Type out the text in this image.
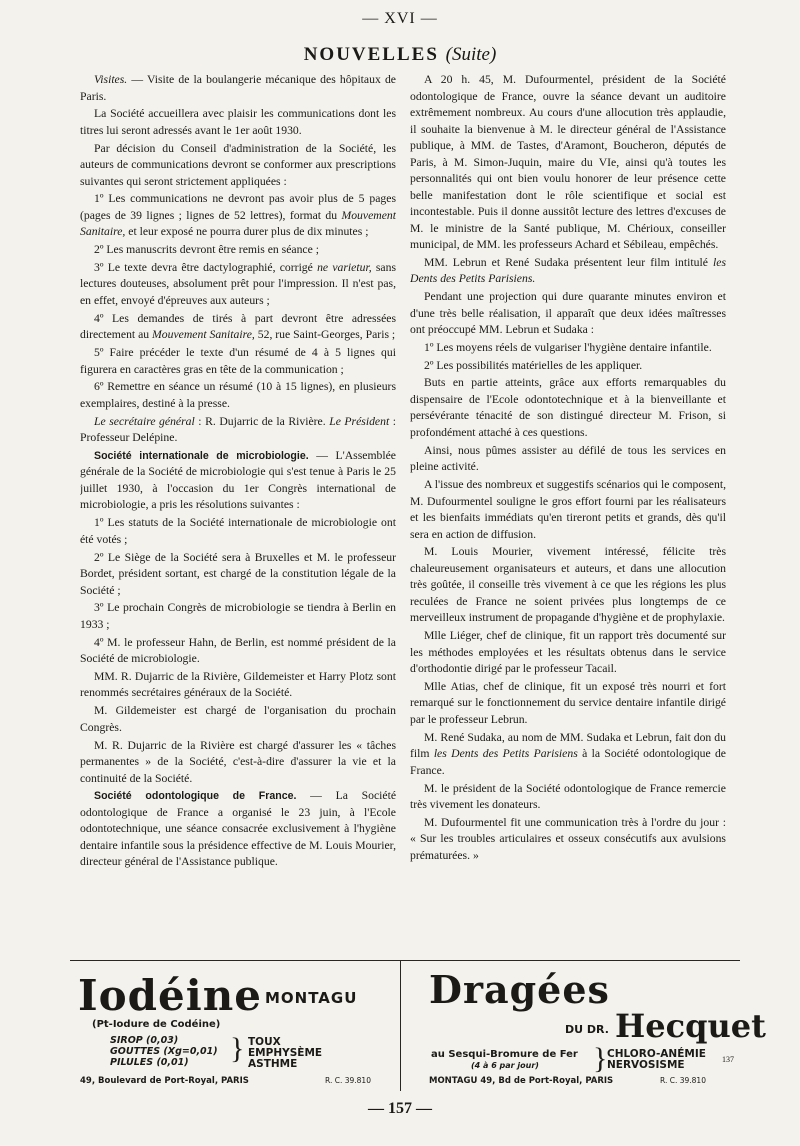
— XVI —
NOUVELLES (Suite)

Visites. — Visite de la boulangerie mécanique des hôpitaux de Paris.

La Société accueillera avec plaisir les communications dont les titres lui seront adressés avant le 1er août 1930.

Par décision du Conseil d'administration de la Société, les auteurs de communications devront se conformer aux prescriptions suivantes qui seront strictement appliquées :

1º Les communications ne devront pas avoir plus de 5 pages (pages de 39 lignes ; lignes de 52 lettres), format du Mouvement Sanitaire, et leur exposé ne pourra durer plus de dix minutes ;

2º Les manuscrits devront être remis en séance ;

3º Le texte devra être dactylographié, corrigé ne varietur, sans lectures douteuses, absolument prêt pour l'impression. Il n'est pas, en effet, envoyé d'épreuves aux auteurs ;

4º Les demandes de tirés à part devront être adressées directement au Mouvement Sanitaire, 52, rue Saint-Georges, Paris ;

5º Faire précéder le texte d'un résumé de 4 à 5 lignes qui figurera en caractères gras en tête de la communication ;

6º Remettre en séance un résumé (10 à 15 lignes), en plusieurs exemplaires, destiné à la presse.

Le secrétaire général : R. Dujarric de la Rivière. Le Président : Professeur Delépine.

Société internationale de microbiologie. — L'Assemblée générale de la Société de microbiologie qui s'est tenue à Paris le 25 juillet 1930, à l'occasion du 1er Congrès international de microbiologie, a pris les résolutions suivantes :

1º Les statuts de la Société internationale de microbiologie ont été votés ;

2º Le Siège de la Société sera à Bruxelles et M. le professeur Bordet, président sortant, est chargé de la constitution légale de la Société ;

3º Le prochain Congrès de microbiologie se tiendra à Berlin en 1933 ;

4º M. le professeur Hahn, de Berlin, est nommé président de la Société de microbiologie.

MM. R. Dujarric de la Rivière, Gildemeister et Harry Plotz sont renommés secrétaires généraux de la Société.

M. Gildemeister est chargé de l'organisation du prochain Congrès.

M. R. Dujarric de la Rivière est chargé d'assurer les « tâches permanentes » de la Société, c'est-à-dire d'assurer la vie et la continuité de la Société.

Société odontologique de France. — La Société odontologique de France a organisé le 23 juin, à l'Ecole odontotechnique, une séance consacrée exclusivement à l'hygiène dentaire infantile sous la présidence effective de M. Louis Mourier, directeur général de l'Assistance publique.

A 20 h. 45, M. Dufourmentel, président de la Société odontologique de France, ouvre la séance devant un auditoire extrêmement nombreux. Au cours d'une allocution très applaudie, il souhaite la bienvenue à M. le directeur général de l'Assistance publique, à MM. de Tastes, d'Aramont, Boucheron, députés de Paris, à M. Simon-Juquin, maire du VIe, ainsi qu'à toutes les personnalités qui ont bien voulu honorer de leur présence cette belle manifestation dont le rôle scientifique et social est incontestable. Puis il donne aussitôt lecture des lettres d'excuses de M. le ministre de la Santé publique, M. Chérioux, conseiller municipal, de MM. les professeurs Achard et Sébileau, empêchés.

MM. Lebrun et René Sudaka présentent leur film intitulé les Dents des Petits Parisiens.

Pendant une projection qui dure quarante minutes environ et d'une très belle réalisation, il apparaît que deux idées maîtresses ont préoccupé MM. Lebrun et Sudaka :

1º Les moyens réels de vulgariser l'hygiène dentaire infantile.

2º Les possibilités matérielles de les appliquer.

Buts en partie atteints, grâce aux efforts remarquables du dispensaire de l'Ecole odontotechnique et à la bienveillante et persévérante ténacité de son distingué directeur M. Frison, si profondément attaché à ces questions.

Ainsi, nous pûmes assister au défilé de tous les services en pleine activité.

A l'issue des nombreux et suggestifs scénarios qui le composent, M. Dufourmentel souligne le gros effort fourni par les réalisateurs et les bienfaits immédiats qu'en tireront petits et grands, dès qu'il sera en action de diffusion.

M. Louis Mourier, vivement intéressé, félicite très chaleureusement organisateurs et auteurs, et dans une allocution très goûtée, il conseille très vivement à ce que les régions les plus reculées de France ne soient privées plus longtemps de ce merveilleux instrument de propagande d'hygiène et de prophylaxie.

Mlle Liéger, chef de clinique, fit un rapport très documenté sur les méthodes employées et les résultats obtenus dans le service d'orthodontie dirigé par le professeur Tacail.

Mlle Atias, chef de clinique, fit un exposé très nourri et fort remarqué sur le fonctionnement du service dentaire infantile dirigé par le professeur Lebrun.

M. René Sudaka, au nom de MM. Sudaka et Lebrun, fait don du film les Dents des Petits Parisiens à la Société odontologique de France.

M. le président de la Société odontologique de France remercie très vivement les donateurs.

M. Dufourmentel fit une communication très à l'ordre du jour : « Sur les troubles articulaires et osseux consécutifs aux avulsions prématurées. »

Iodéine MONTAGU
(Pt-Iodure de Codéine)
SIROP (0,03)
GOUTTES (Xg=0,01)
PILULES (0,01)	} TOUX
EMPHYSÈME
ASTHME
49, Boulevard de Port-Royal, PARIS	R. C. 39.810
Dragées
DU DR. Hecquet
au Sesqui-Bromure de Fer
(4 à 6 par jour)	} CHLORO-ANÉMIE
NERVOSISME	137
MONTAGU 49, Bd de Port-Royal, PARIS	R. C. 39.810
— 157 —
